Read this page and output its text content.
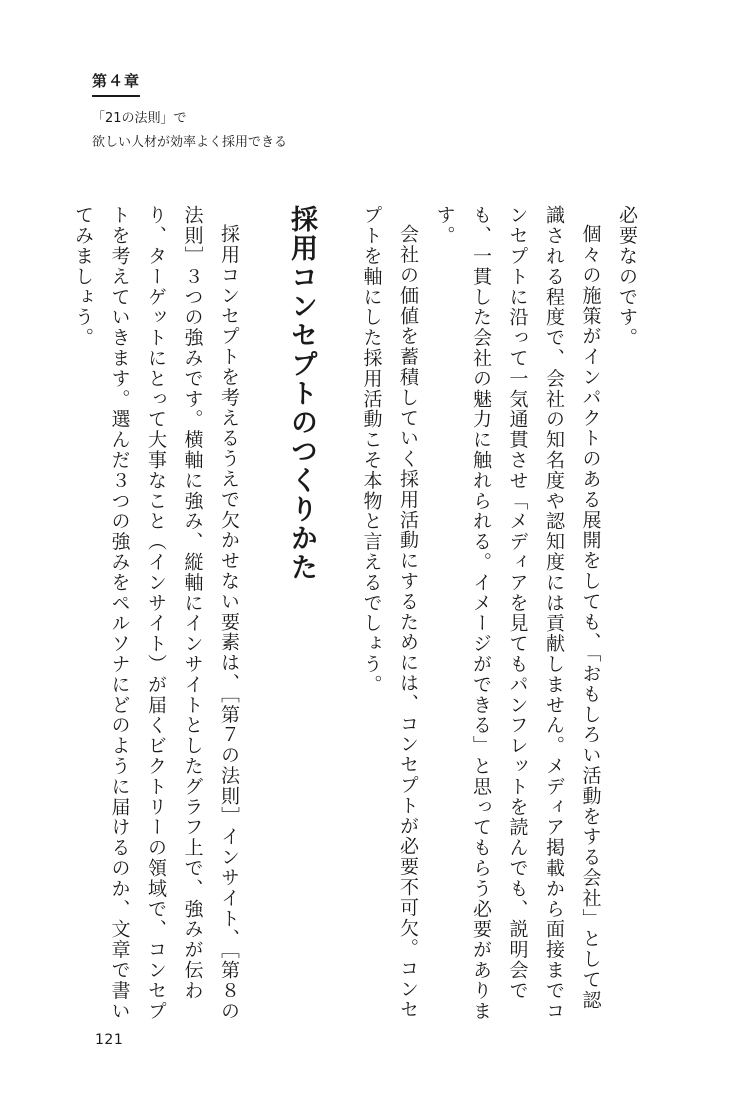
第４章
「21の法則」で
欲しい人材が効率よく採用できる

必要なのです。

個々の施策がインパクトのある展開をしても、「おもしろい活動をする会社」として認識される程度で、会社の知名度や認知度には貢献しません。メディア掲載から面接までコンセプトに沿って一気通貫させ「メディアを見てもパンフレットを読んでも、説明会でも、一貫した会社の魅力に触れられる。イメージができる」と思ってもらう必要があります。

会社の価値を蓄積していく採用活動にするためには、コンセプトが必要不可欠。コンセプトを軸にした採用活動こそ本物と言えるでしょう。

採用コンセプトのつくりかた

採用コンセプトを考えるうえで欠かせない要素は、［第７の法則］インサイト、［第８の法則］３つの強みです。横軸に強み、縦軸にインサイトとしたグラフ上で、強みが伝わり、ターゲットにとって大事なこと（インサイト）が届くビクトリーの領域で、コンセプトを考えていきます。選んだ３つの強みをペルソナにどのように届けるのか、文章で書いてみましょう。

121
